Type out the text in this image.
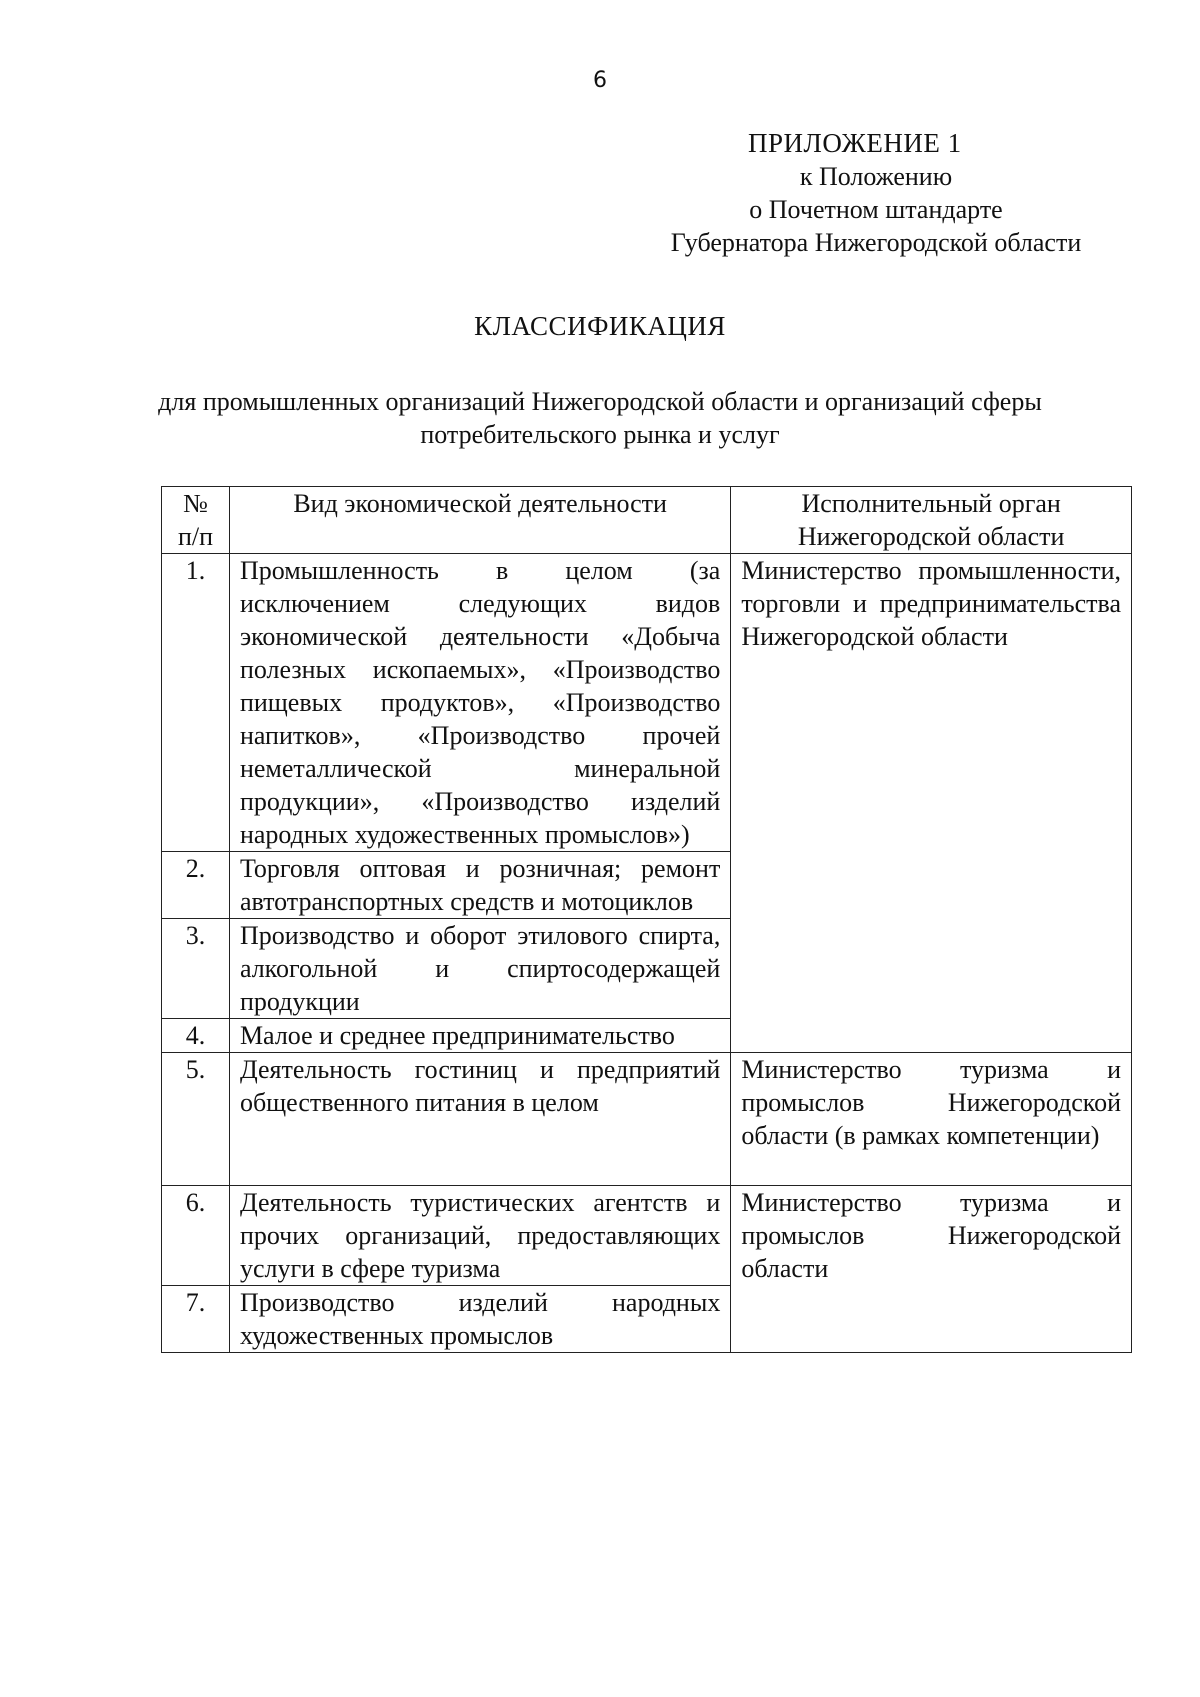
6
ПРИЛОЖЕНИЕ 1
к Положению
о Почетном штандарте
Губернатора Нижегородской области
КЛАССИФИКАЦИЯ
для промышленных организаций Нижегородской области и организаций сферы потребительского рынка и услуг
№ п/п	Вид экономической деятельности	Исполнительный орган Нижегородской области
1.	Промышленность в целом (за исключением следующих видов экономической деятельности «Добыча полезных ископаемых», «Производство пищевых продуктов», «Производство напитков», «Производство прочей неметаллической минеральной продукции», «Производство изделий народных художественных промыслов»)	Министерство промышленности, торговли и предпринимательства Нижегородской области
2.	Торговля оптовая и розничная; ремонт автотранспортных средств и мотоциклов	
3.	Производство и оборот этилового спирта, алкогольной и спиртосодержащей продукции	
4.	Малое и среднее предпринимательство	
5.	Деятельность гостиниц и предприятий общественного питания в целом	Министерство туризма и промыслов Нижегородской области (в рамках компетенции)
6.	Деятельность туристических агентств и прочих организаций, предоставляющих услуги в сфере туризма	Министерство туризма и промыслов Нижегородской области
7.	Производство изделий народных художественных промыслов	
